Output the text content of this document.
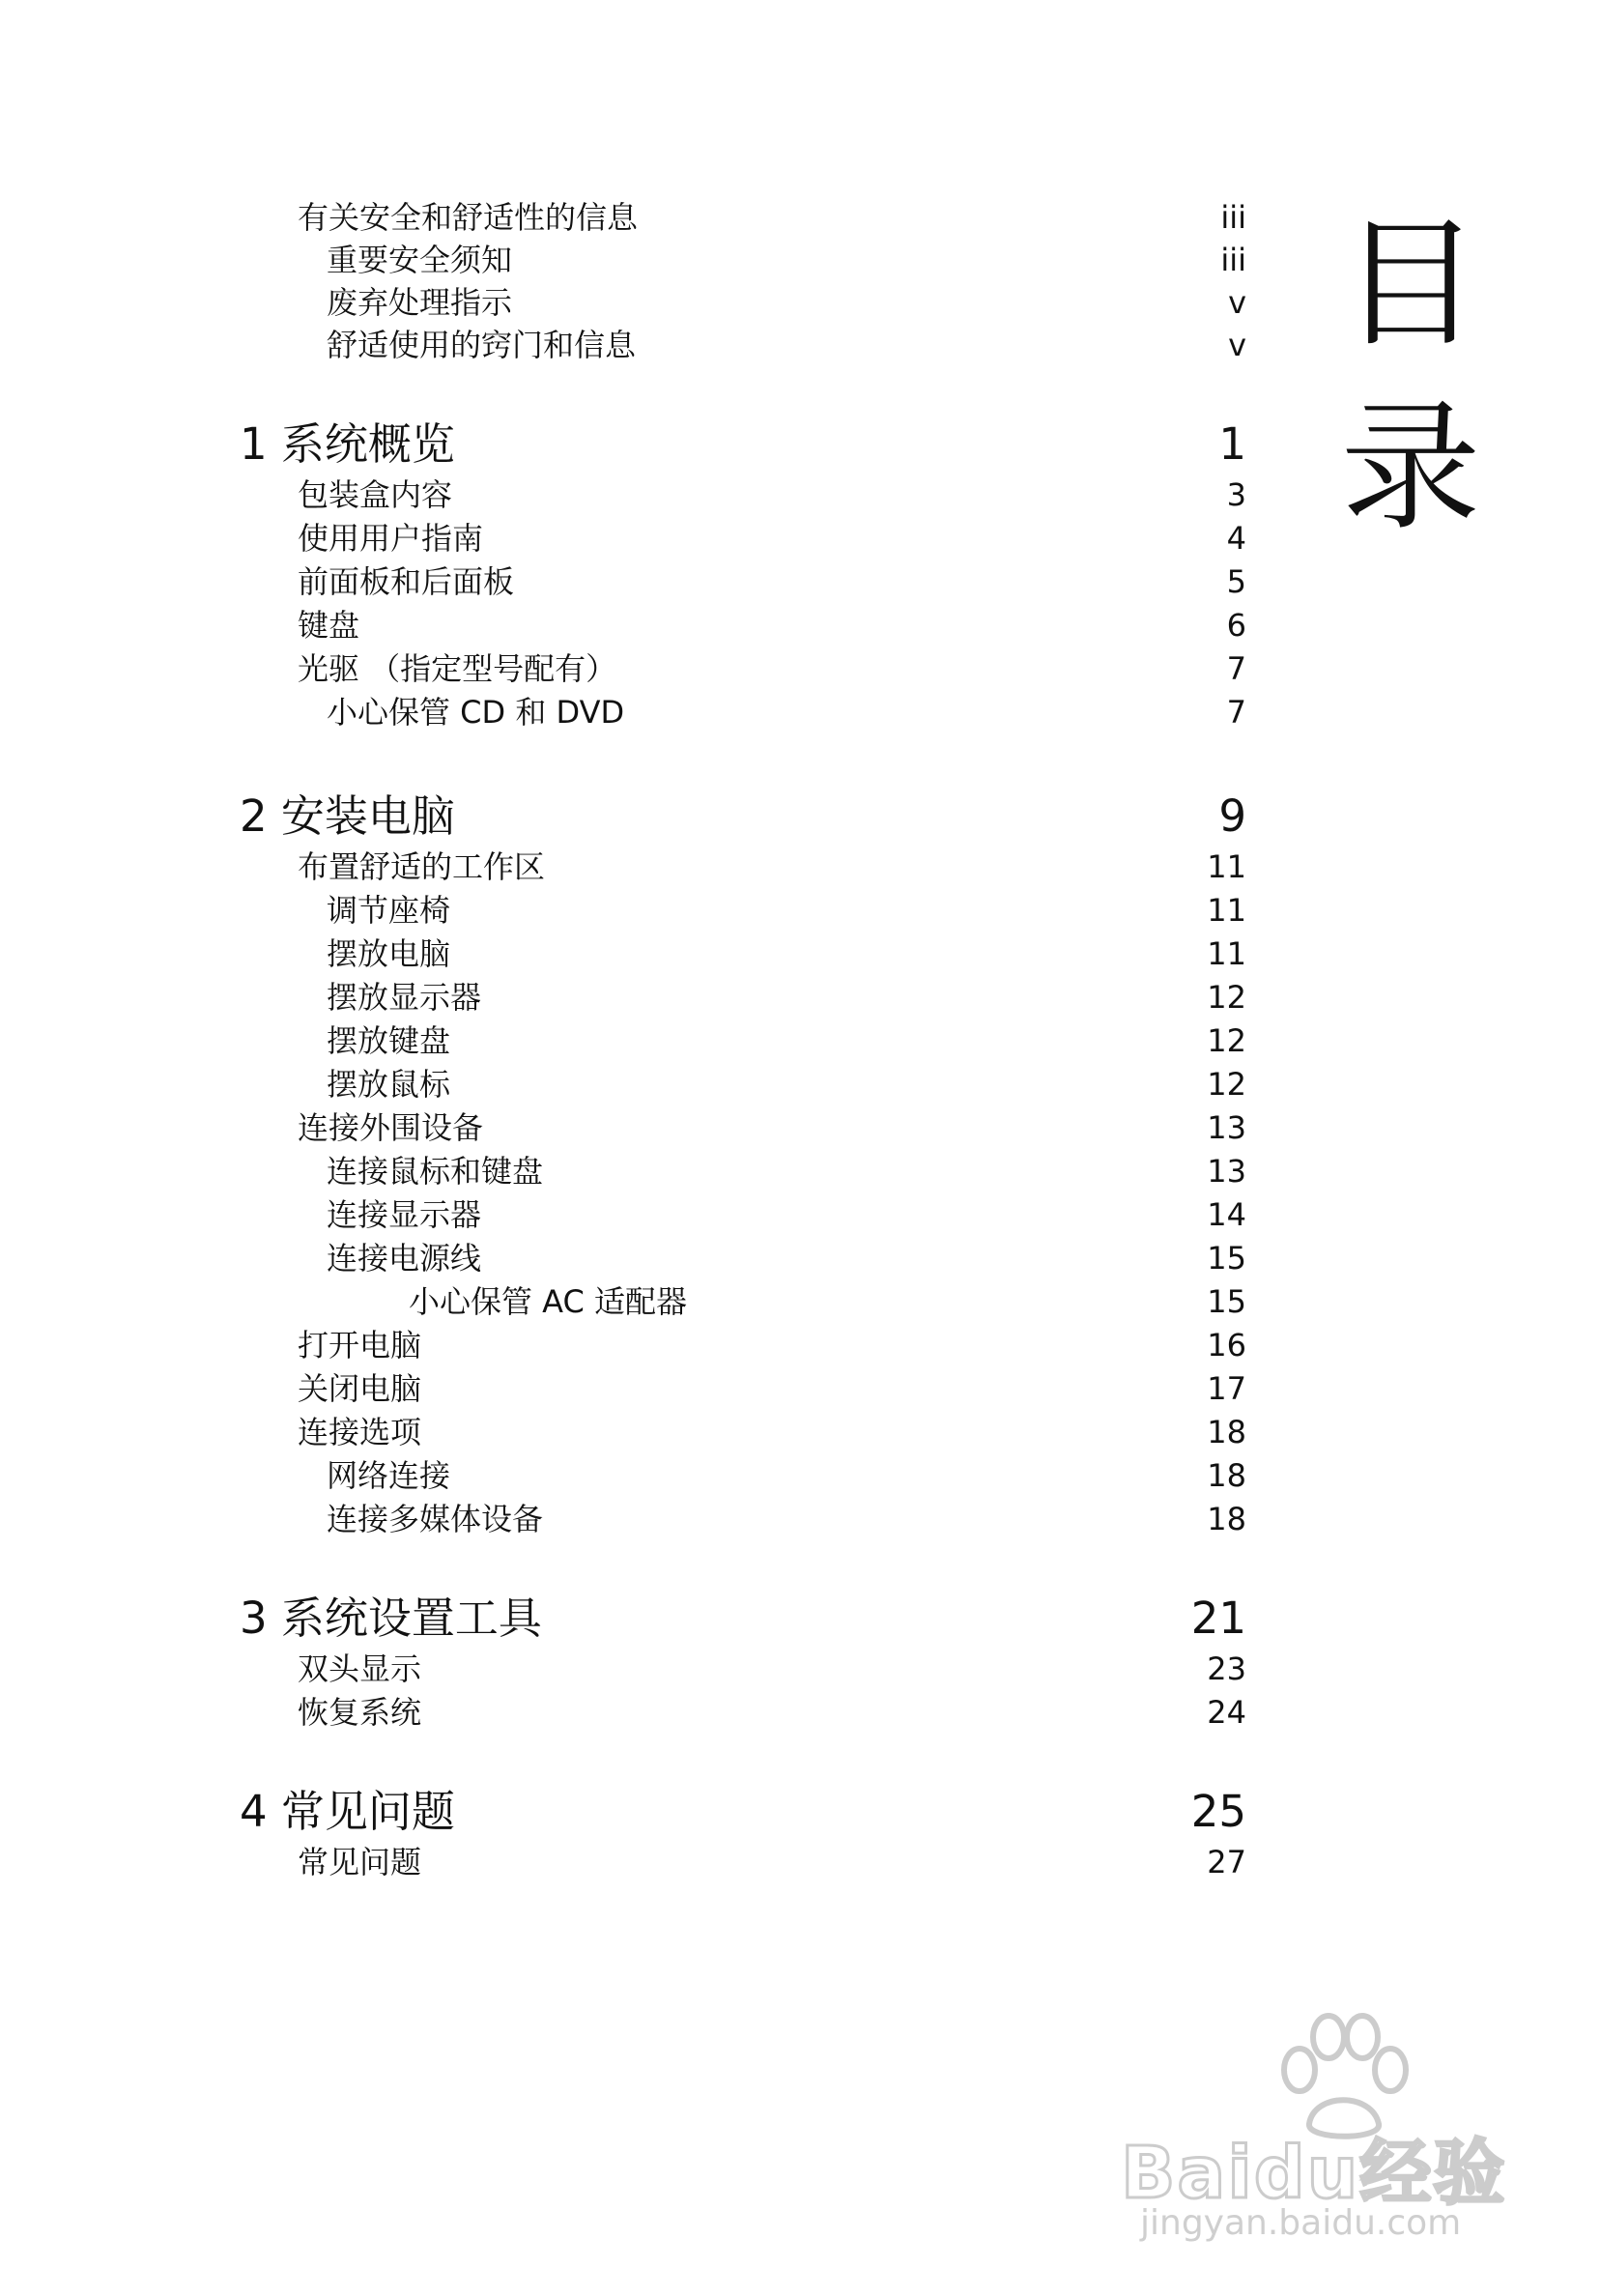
有关安全和舒适性的信息	iii
重要安全须知	iii
废弃处理指示	v
舒适使用的窍门和信息	v
1 系统概览	1
包装盒内容	3
使用用户指南	4
前面板和后面板	5
键盘	6
光驱 （指定型号配有）	7
小心保管 CD 和 DVD	7
2 安装电脑	9
布置舒适的工作区	11
调节座椅	11
摆放电脑	11
摆放显示器	12
摆放键盘	12
摆放鼠标	12
连接外围设备	13
连接鼠标和键盘	13
连接显示器	14
连接电源线	15
小心保管 AC 适配器	15
打开电脑	16
关闭电脑	17
连接选项	18
网络连接	18
连接多媒体设备	18
3 系统设置工具	21
双头显示	23
恢复系统	24
4 常见问题	25
常见问题	27
目
录
Baidu经验
jingyan.baidu.com
